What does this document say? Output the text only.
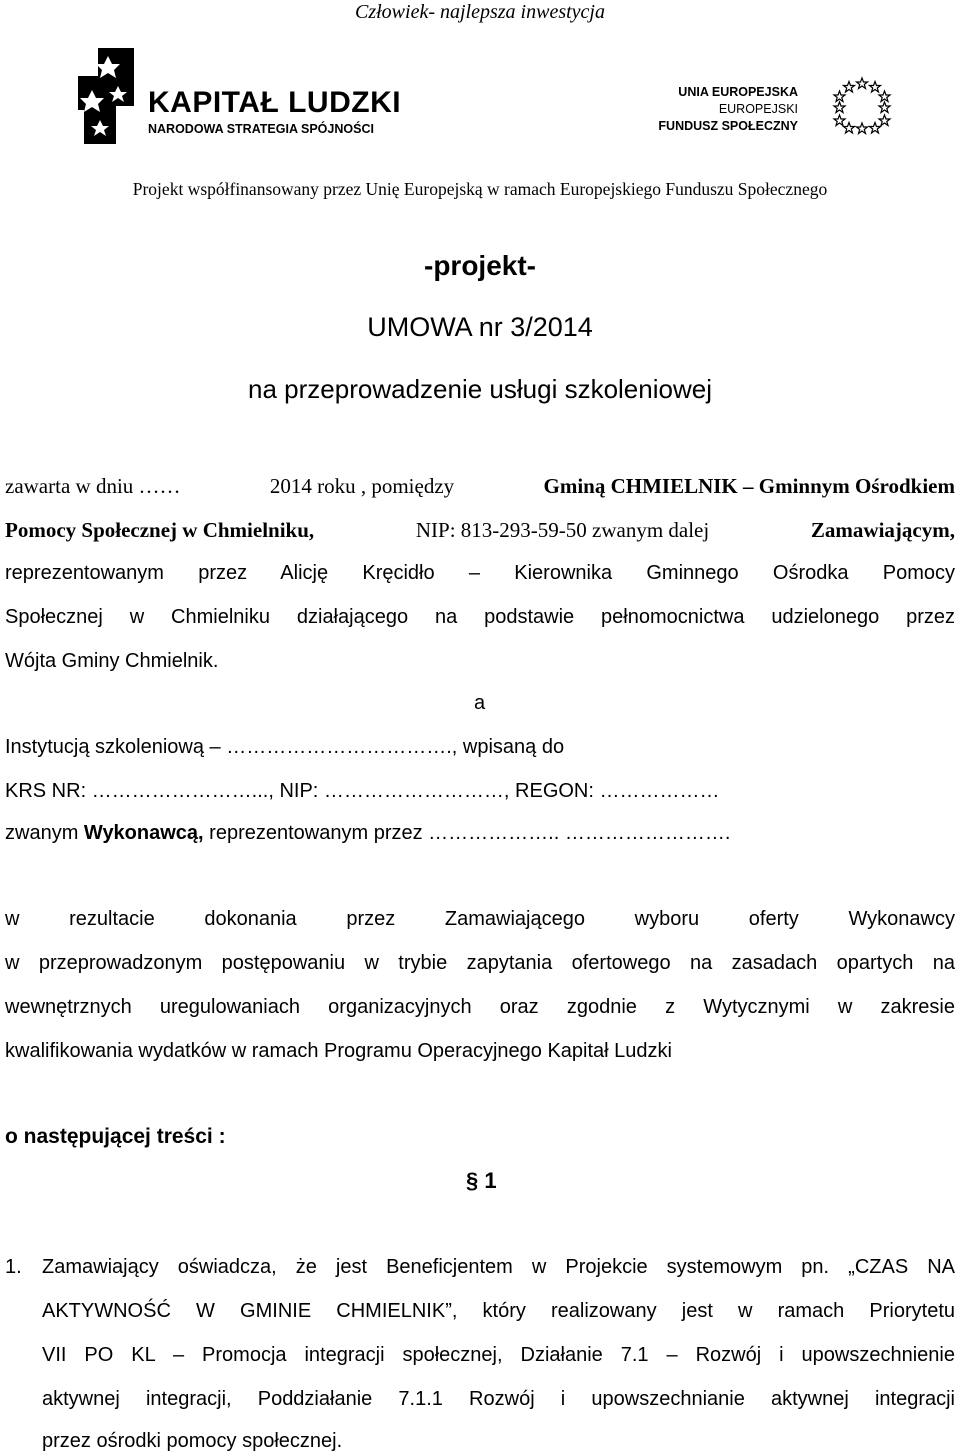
Człowiek- najlepsza inwestycja
KAPITAŁ LUDZKI
NARODOWA STRATEGIA SPÓJNOŚCI
UNIA EUROPEJSKA
EUROPEJSKI
FUNDUSZ SPOŁECZNY
Projekt współfinansowany przez Unię Europejską w ramach Europejskiego Funduszu Społecznego
-projekt-
UMOWA nr 3/2014
na przeprowadzenie usługi szkoleniowej
zawarta w dniu ……	2014 roku , pomiędzy	Gminą CHMIELNIK – Gminnym Ośrodkiem
Pomocy Społecznej w Chmielniku,	NIP: 813-293-59-50 zwanym dalej	Zamawiającym,
reprezentowanym przez Alicję Kręcidło – Kierownika Gminnego Ośrodka Pomocy
Społecznej w Chmielniku działającego na podstawie pełnomocnictwa udzielonego przez
Wójta Gminy Chmielnik.
a
Instytucją szkoleniową – ……………………………., wpisaną do
KRS NR: ……………………..., NIP: ………………………, REGON: ………………
zwanym Wykonawcą, reprezentowanym przez ……………….. …………………….
w rezultacie dokonania przez Zamawiającego wyboru oferty Wykonawcy
w przeprowadzonym postępowaniu w trybie zapytania ofertowego na zasadach opartych na
wewnętrznych uregulowaniach organizacyjnych oraz zgodnie z Wytycznymi w zakresie
kwalifikowania wydatków w ramach Programu Operacyjnego Kapitał Ludzki
o następującej treści :
§ 1
1. Zamawiający oświadcza, że jest Beneficjentem w Projekcie systemowym pn. „CZAS NA
AKTYWNOŚĆ W GMINIE CHMIELNIK”, który realizowany jest w ramach Priorytetu
VII PO KL – Promocja integracji społecznej, Działanie 7.1 – Rozwój i upowszechnienie
aktywnej integracji, Poddziałanie 7.1.1 Rozwój i upowszechnianie aktywnej integracji
przez ośrodki pomocy społecznej.
